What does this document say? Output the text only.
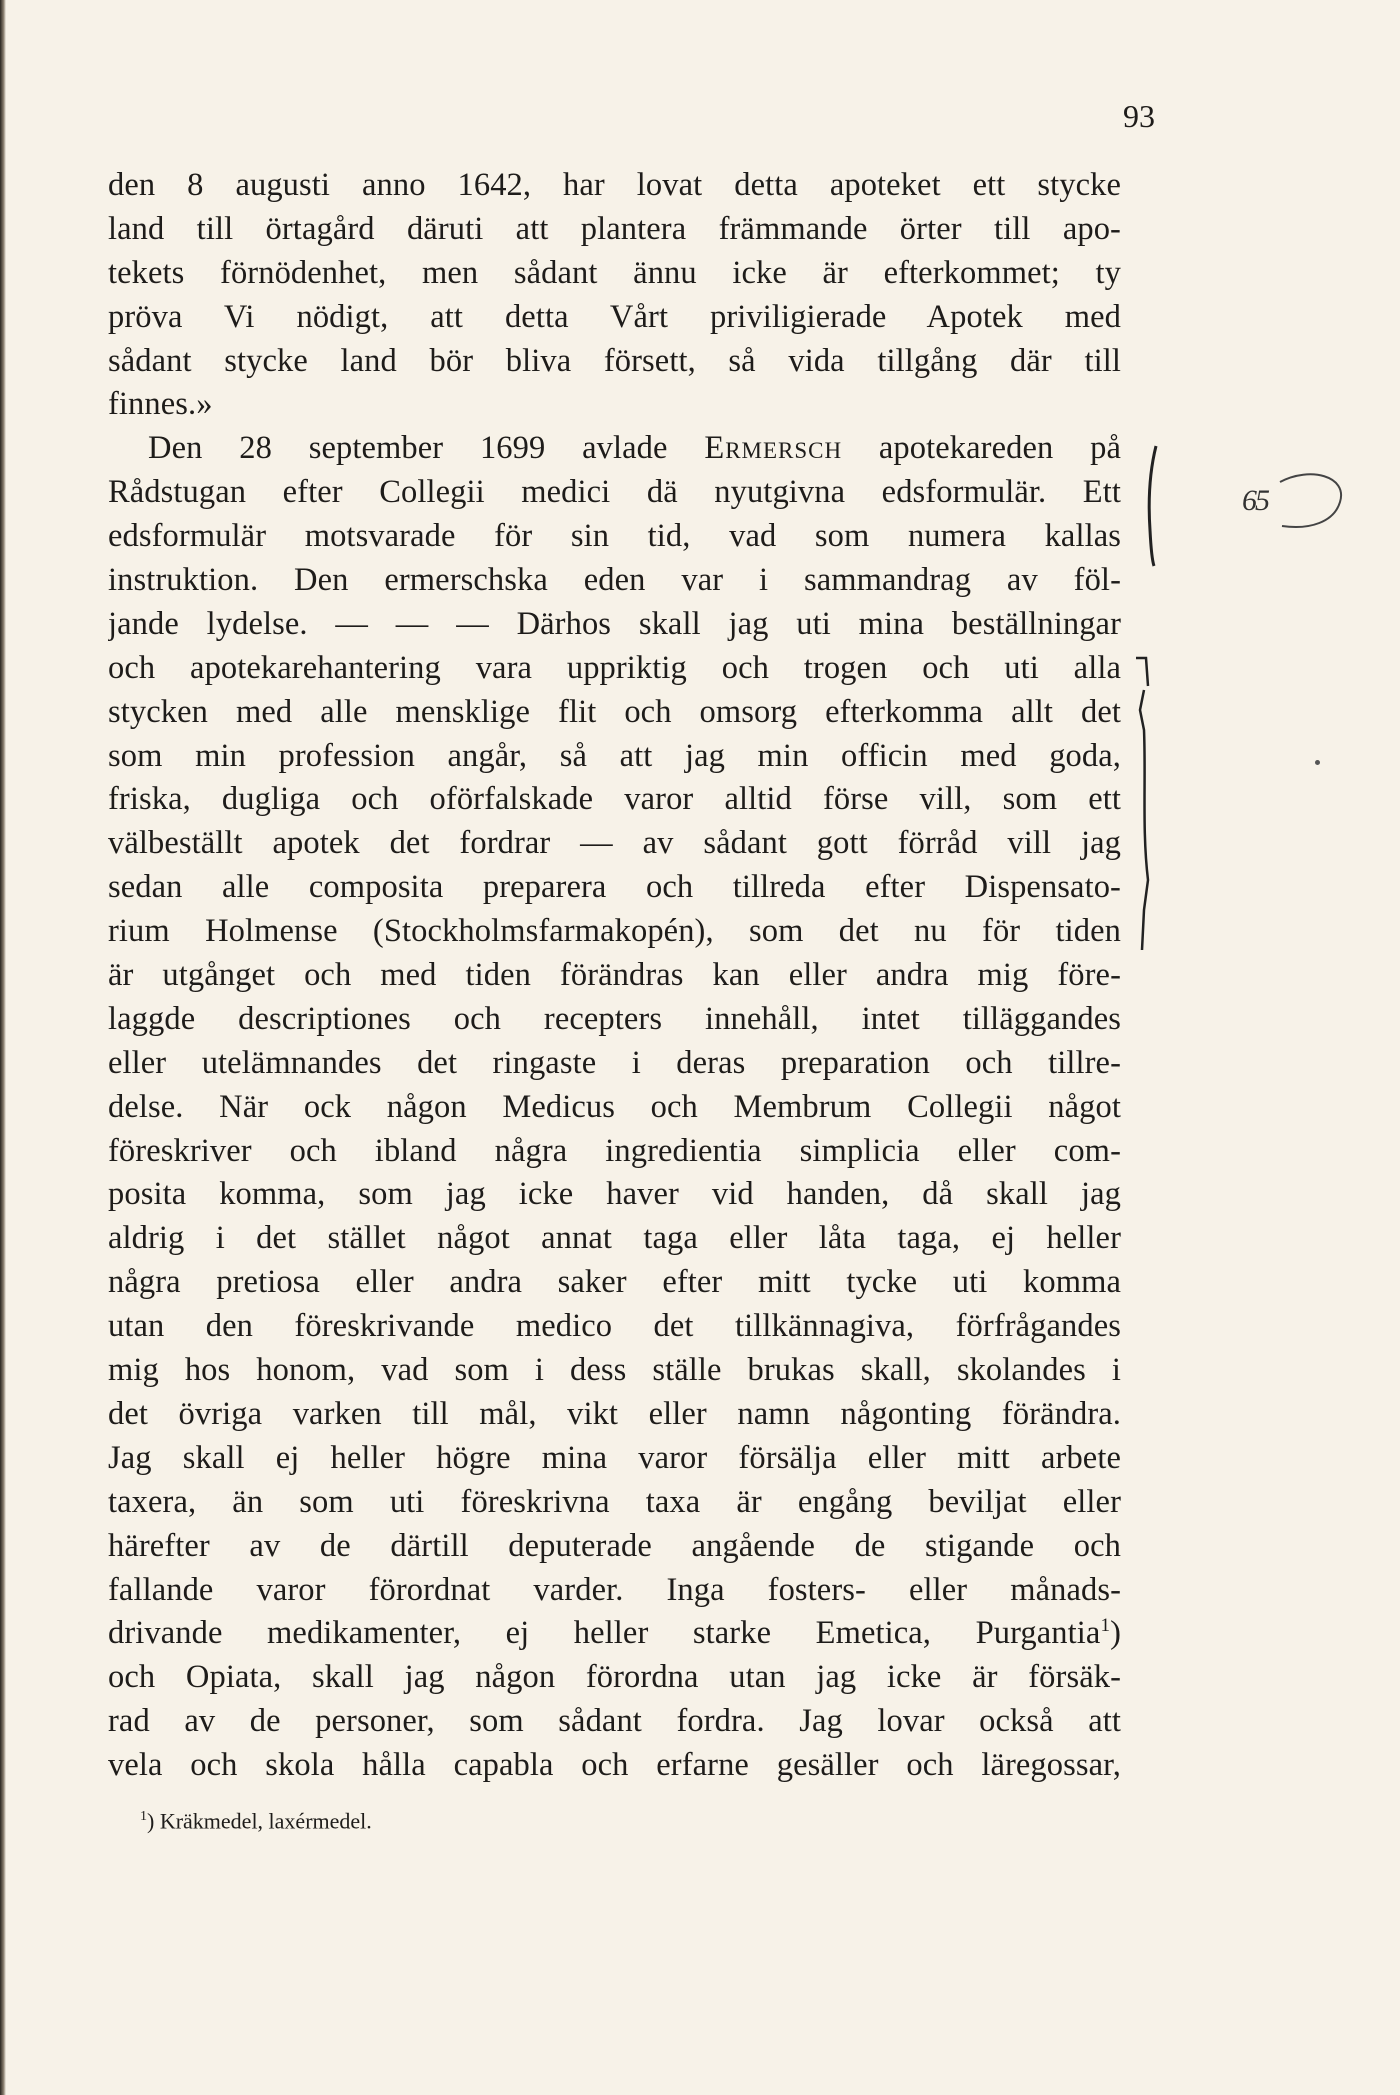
93
den 8 augusti anno 1642, har lovat detta apoteket ett stycke
land till örtagård däruti att plantera främmande örter till apo-
tekets förnödenhet, men sådant ännu icke är efterkommet; ty
pröva Vi nödigt, att detta Vårt priviligierade Apotek med
sådant stycke land bör bliva försett, så vida tillgång där till
finnes.»
Den 28 september 1699 avlade Ermersch apotekareden på
Rådstugan efter Collegii medici dä nyutgivna edsformulär. Ett
edsformulär motsvarade för sin tid, vad som numera kallas
instruktion. Den ermerschska eden var i sammandrag av föl-
jande lydelse. — — — Därhos skall jag uti mina beställningar
och apotekarehantering vara uppriktig och trogen och uti alla
stycken med alle mensklige flit och omsorg efterkomma allt det
som min profession angår, så att jag min officin med goda,
friska, dugliga och oförfalskade varor alltid förse vill, som ett
välbeställt apotek det fordrar — av sådant gott förråd vill jag
sedan alle composita preparera och tillreda efter Dispensato-
rium Holmense (Stockholmsfarmakopén), som det nu för tiden
är utgånget och med tiden förändras kan eller andra mig före-
laggde descriptiones och recepters innehåll, intet tilläggandes
eller utelämnandes det ringaste i deras preparation och tillre-
delse. När ock någon Medicus och Membrum Collegii något
föreskriver och ibland några ingredientia simplicia eller com-
posita komma, som jag icke haver vid handen, då skall jag
aldrig i det stället något annat taga eller låta taga, ej heller
några pretiosa eller andra saker efter mitt tycke uti komma
utan den föreskrivande medico det tillkännagiva, förfrågandes
mig hos honom, vad som i dess ställe brukas skall, skolandes i
det övriga varken till mål, vikt eller namn någonting förändra.
Jag skall ej heller högre mina varor försälja eller mitt arbete
taxera, än som uti föreskrivna taxa är engång beviljat eller
härefter av de därtill deputerade angående de stigande och
fallande varor förordnat varder. Inga fosters- eller månads-
drivande medikamenter, ej heller starke Emetica, Purgantia$^1$)
och Opiata, skall jag någon förordna utan jag icke är försäk-
rad av de personer, som sådant fordra. Jag lovar också att
vela och skola hålla capabla och erfarne gesäller och läregossar,
$^1$) Kräkmedel, laxérmedel.
65
